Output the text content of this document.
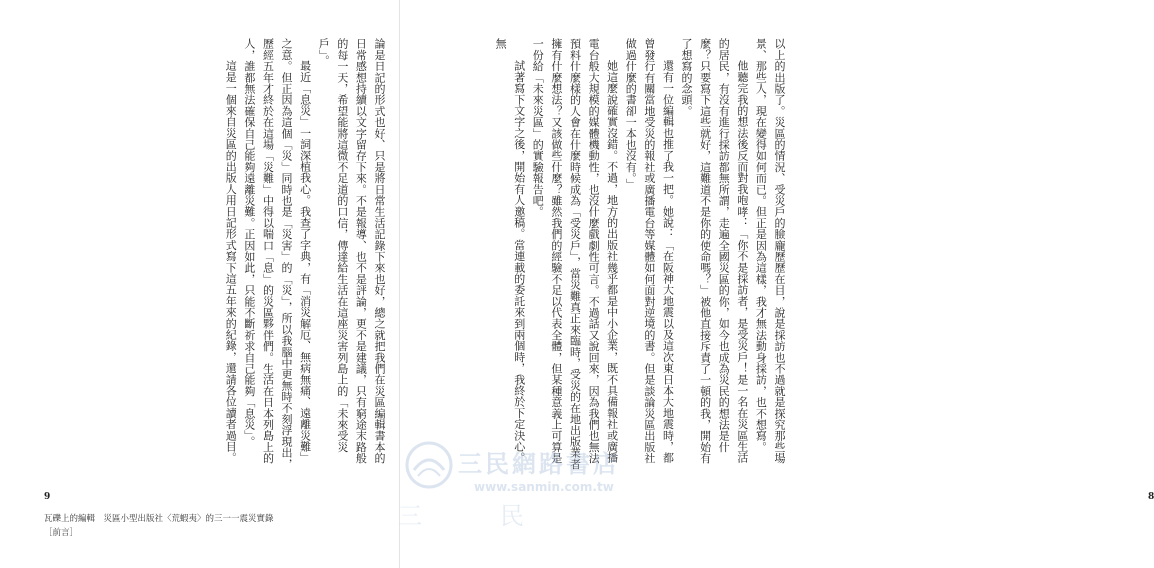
論是日記的形式也好、只是將日常生活記錄下來也好，總之就把我們在災區編輯書本的日常感想持續以文字留存下來。不是報導、也不是評論，更不是建議，只有窮途末路般的每一天，希望能將這微不足道的口信，傳達給生活在這座災害列島上的「未來受災戶」。

最近「息災」一詞深植我心。我查了字典，有「消災解厄、無病無痛、遠離災難」之意。但正因為這個「災」同時也是「災害」的「災」，所以我腦中更無時不刻浮現出，歷經五年才終於在這場「災難」中得以喘口「息」的災區夥伴們。生活在日本列島上的人，誰都無法確保自己能夠遠離災難。正因如此，只能不斷祈求自己能夠「息災」。

這是一個來自災區的出版人用日記形式寫下這五年來的紀錄，還請各位讀者過目。

9
瓦礫上的編輯　災區小型出版社〈荒蝦夷〉的三一一震災實錄
［前言］

以上的出版了。災區的情況、受災戶的臉龐歷歷在目，說是採訪也不過就是探究那些場景、那些人，現在變得如何而已。但正是因為這樣，我才無法動身採訪，也不想寫。

他聽完我的想法後反而對我咆哮：「你不是採訪者，是受災戶！是一名在災區生活的居民，有沒有進行採訪都無所謂，走遍全國災區的你，如今也成為災民的想法是什麼？只要寫下這些就好，這難道不是你的使命嗎？」被他直接斥責了一頓的我，開始有了想寫的念頭。

還有一位編輯也推了我一把。她說：「在阪神大地震以及這次東日本大地震時，都曾發行有關當地受災的報社或廣播電台等媒體如何面對逆境的書。但是談論災區出版社做過什麼的書卻一本也沒有。」

她這麼說確實沒錯。不過，地方的出版社幾乎都是中小企業，既不具備報社或廣播電台般大規模的媒體機動性，也沒什麼戲劇性可言。不過話又說回來，因為我們也無法預料什麼樣的人會在什麼時候成為「受災戶」，當災難真正來臨時，受災的在地出版業者擁有什麼想法？又該做些什麼？雖然我們的經驗不足以代表全體，但某種意義上可算是一份給「未來災區」的實驗報告吧。

試著寫下文字之後，開始有人邀稿。當連載的委託來到兩個時，我終於下定決心。無

8
三民網路書店
www.sanmin.com.tw
三	民
